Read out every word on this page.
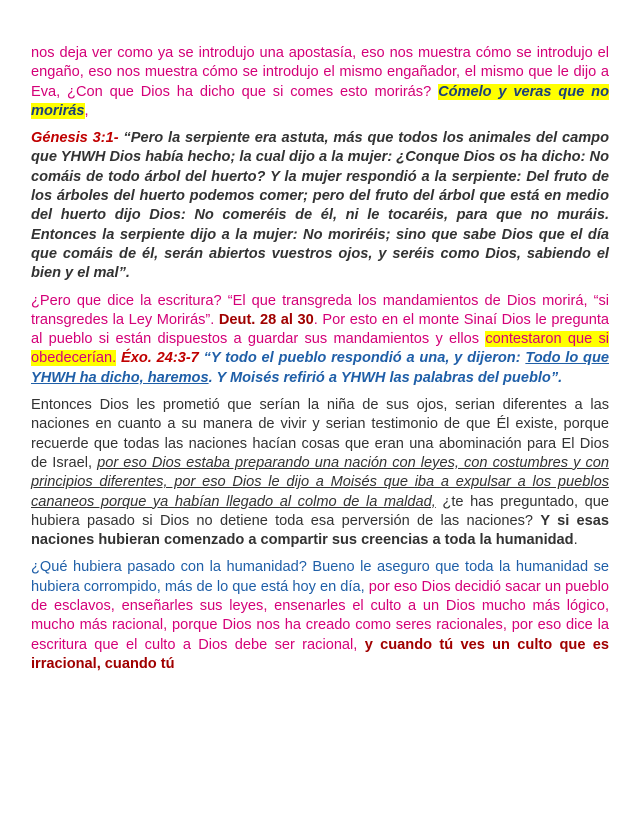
nos deja ver como ya se introdujo una apostasía, eso nos muestra cómo se introdujo el engaño, eso nos muestra cómo se introdujo el mismo engañador, el mismo que le dijo a Eva, ¿Con que Dios ha dicho que si comes esto morirás? Cómelo y veras que no morirás,

Génesis 3:1- “Pero la serpiente era astuta, más que todos los animales del campo que YHWH Dios había hecho; la cual dijo a la mujer: ¿Conque Dios os ha dicho: No comáis de todo árbol del huerto? Y la mujer respondió a la serpiente: Del fruto de los árboles del huerto podemos comer; pero del fruto del árbol que está en medio del huerto dijo Dios: No comeréis de él, ni le tocaréis, para que no muráis. Entonces la serpiente dijo a la mujer: No moriréis; sino que sabe Dios que el día que comáis de él, serán abiertos vuestros ojos, y seréis como Dios, sabiendo el bien y el mal”.

¿Pero que dice la escritura? “El que transgreda los mandamientos de Dios morirá, “si transgredes la Ley Morirás”. Deut. 28 al 30. Por esto en el monte Sinaí Dios le pregunta al pueblo si están dispuestos a guardar sus mandamientos y ellos contestaron que si obedecerían. Éxo. 24:3-7 “Y todo el pueblo respondió a una, y dijeron: Todo lo que YHWH ha dicho, haremos. Y Moisés refirió a YHWH las palabras del pueblo”.

Entonces Dios les prometió que serían la niña de sus ojos, serian diferentes a las naciones en cuanto a su manera de vivir y serian testimonio de que Él existe, porque recuerde que todas las naciones hacían cosas que eran una abominación para El Dios de Israel, por eso Dios estaba preparando una nación con leyes, con costumbres y con principios diferentes, por eso Dios le dijo a Moisés que iba a expulsar a los pueblos cananeos porque ya habían llegado al colmo de la maldad, ¿te has preguntado, que hubiera pasado si Dios no detiene toda esa perversión de las naciones? Y si esas naciones hubieran comenzado a compartir sus creencias a toda la humanidad.

¿Qué hubiera pasado con la humanidad? Bueno le aseguro que toda la humanidad se hubiera corrompido, más de lo que está hoy en día, por eso Dios decidió sacar un pueblo de esclavos, enseñarles sus leyes, ensenarles el culto a un Dios mucho más lógico, mucho más racional, porque Dios nos ha creado como seres racionales, por eso dice la escritura que el culto a Dios debe ser racional, y cuando tú ves un culto que es irracional, cuando tú
